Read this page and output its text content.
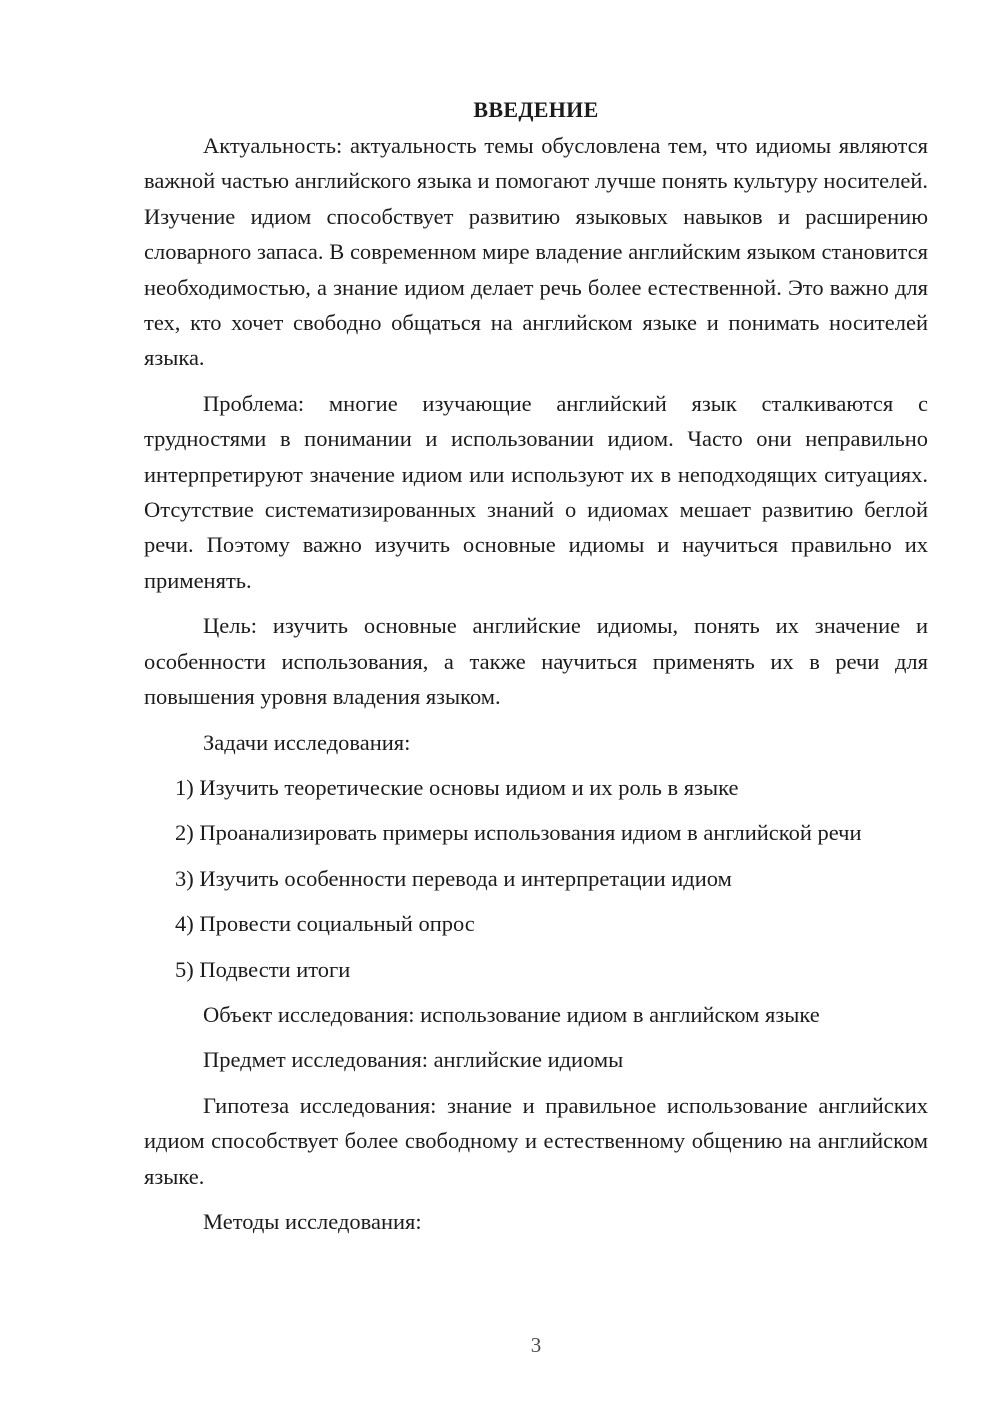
ВВЕДЕНИЕ

Актуальность: актуальность темы обусловлена тем, что идиомы являются важной частью английского языка и помогают лучше понять культуру носителей. Изучение идиом способствует развитию языковых навыков и расширению словарного запаса. В современном мире владение английским языком становится необходимостью, а знание идиом делает речь более естественной. Это важно для тех, кто хочет свободно общаться на английском языке и понимать носителей языка.

Проблема: многие изучающие английский язык сталкиваются с трудностями в понимании и использовании идиом. Часто они неправильно интерпретируют значение идиом или используют их в неподходящих ситуациях. Отсутствие систематизированных знаний о идиомах мешает развитию беглой речи. Поэтому важно изучить основные идиомы и научиться правильно их применять.

Цель: изучить основные английские идиомы, понять их значение и особенности использования, а также научиться применять их в речи для повышения уровня владения языком.

Задачи исследования:

1) Изучить теоретические основы идиом и их роль в языке

2) Проанализировать примеры использования идиом в английской речи

3) Изучить особенности перевода и интерпретации идиом

4) Провести социальный опрос

5) Подвести итоги

Объект исследования: использование идиом в английском языке

Предмет исследования: английские идиомы

Гипотеза исследования: знание и правильное использование английских идиом способствует более свободному и естественному общению на английском языке.

Методы исследования:

3
